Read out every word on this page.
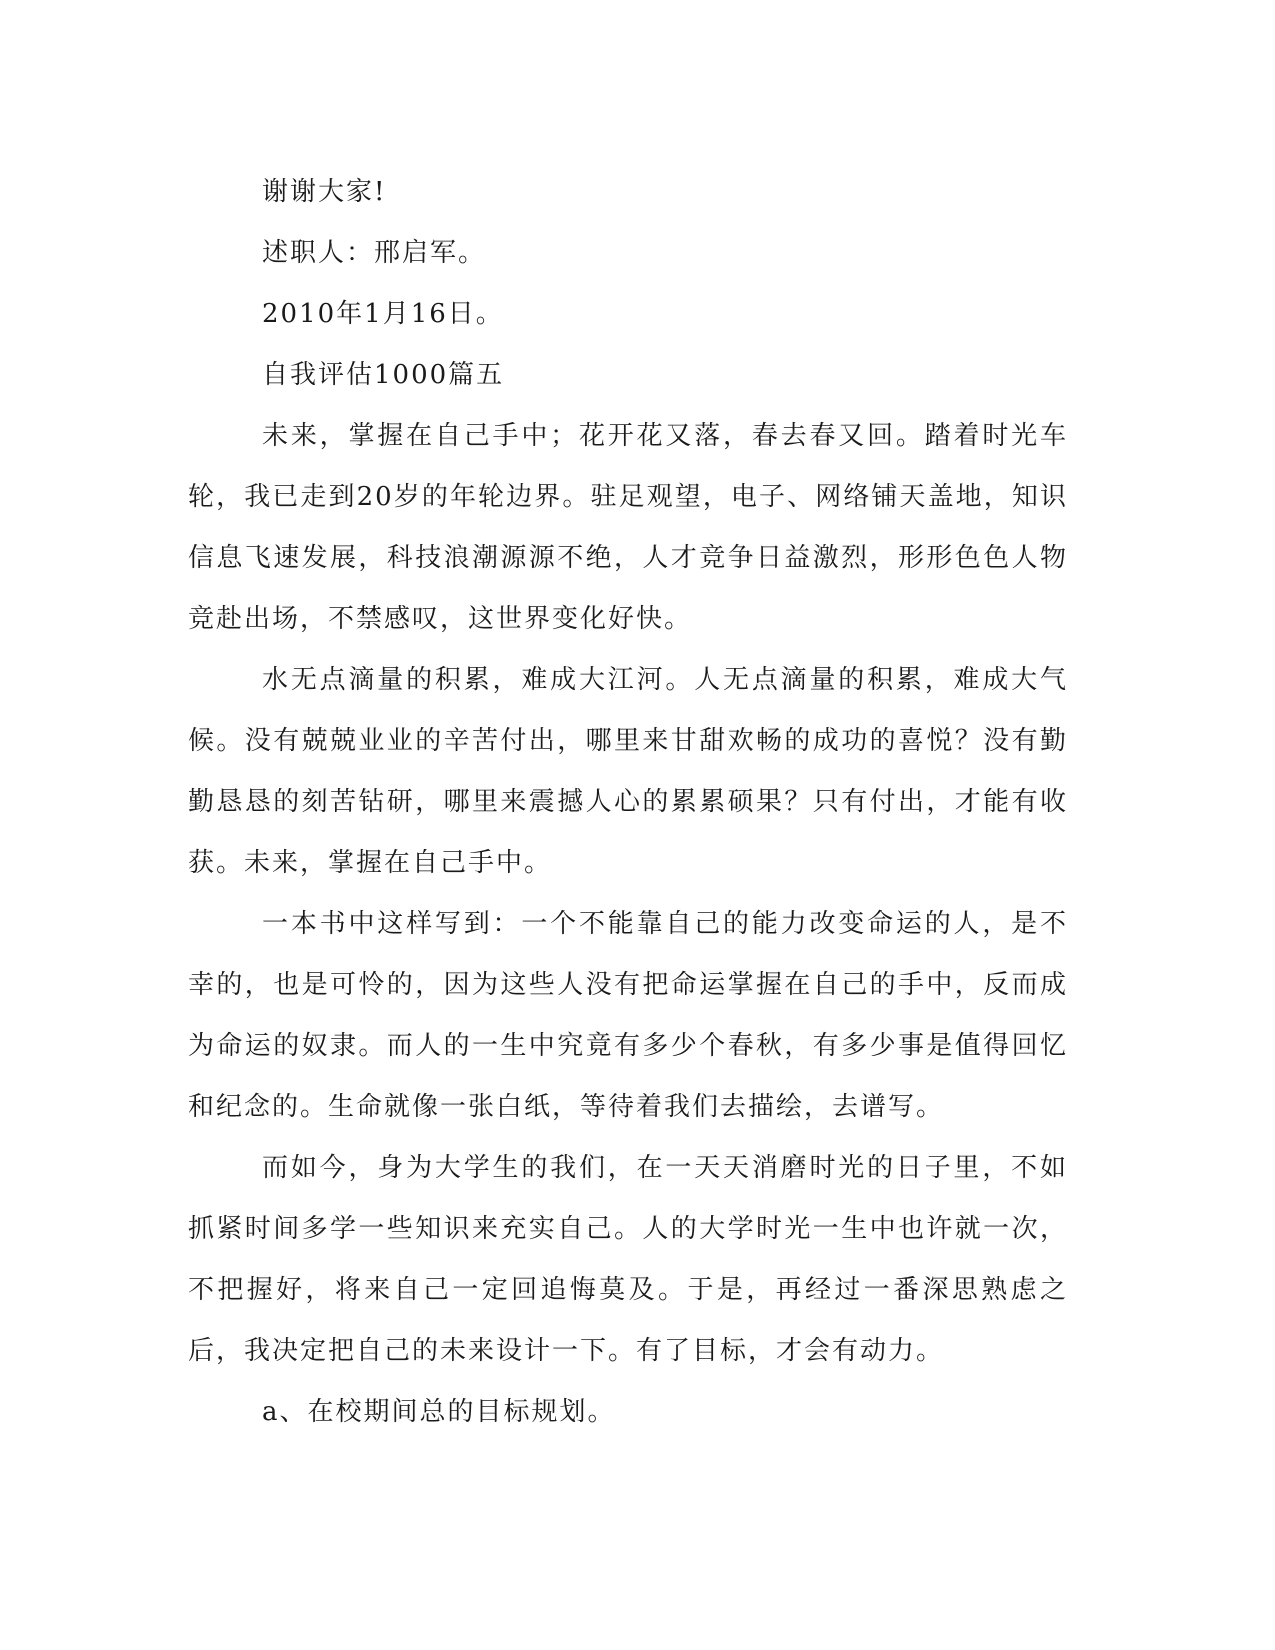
谢谢大家!

述职人：邢启军。

2010年1月16日。

自我评估1000篇五

未来，掌握在自己手中；花开花又落，春去春又回。踏着时光车轮，我已走到20岁的年轮边界。驻足观望，电子、网络铺天盖地，知识信息飞速发展，科技浪潮源源不绝，人才竞争日益激烈，形形色色人物竞赴出场，不禁感叹，这世界变化好快。

水无点滴量的积累，难成大江河。人无点滴量的积累，难成大气候。没有兢兢业业的辛苦付出，哪里来甘甜欢畅的成功的喜悦？没有勤勤恳恳的刻苦钻研，哪里来震撼人心的累累硕果？只有付出，才能有收获。未来，掌握在自己手中。

一本书中这样写到：一个不能靠自己的能力改变命运的人，是不幸的，也是可怜的，因为这些人没有把命运掌握在自己的手中，反而成为命运的奴隶。而人的一生中究竟有多少个春秋，有多少事是值得回忆和纪念的。生命就像一张白纸，等待着我们去描绘，去谱写。

而如今，身为大学生的我们，在一天天消磨时光的日子里，不如抓紧时间多学一些知识来充实自己。人的大学时光一生中也许就一次，不把握好，将来自己一定回追悔莫及。于是，再经过一番深思熟虑之后，我决定把自己的未来设计一下。有了目标，才会有动力。

a、在校期间总的目标规划。
